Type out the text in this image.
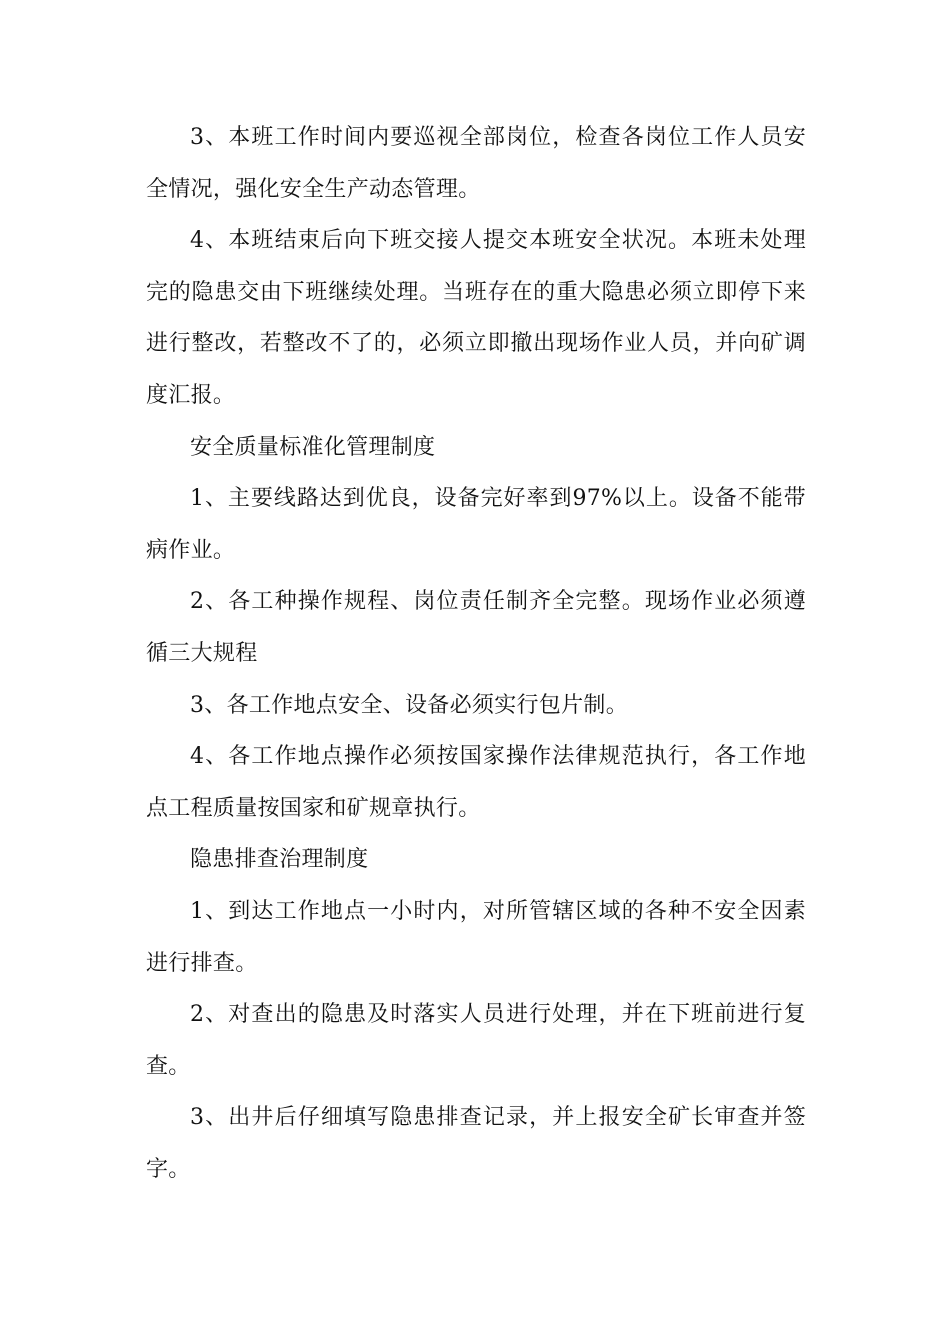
3、本班工作时间内要巡视全部岗位，检查各岗位工作人员安全情况，强化安全生产动态管理。

4、本班结束后向下班交接人提交本班安全状况。本班未处理完的隐患交由下班继续处理。当班存在的重大隐患必须立即停下来进行整改，若整改不了的，必须立即撤出现场作业人员，并向矿调度汇报。

安全质量标准化管理制度

1、主要线路达到优良，设备完好率到97%以上。设备不能带病作业。

2、各工种操作规程、岗位责任制齐全完整。现场作业必须遵循三大规程

3、各工作地点安全、设备必须实行包片制。

4、各工作地点操作必须按国家操作法律规范执行，各工作地点工程质量按国家和矿规章执行。

隐患排查治理制度

1、到达工作地点一小时内，对所管辖区域的各种不安全因素进行排查。

2、对查出的隐患及时落实人员进行处理，并在下班前进行复查。

3、出井后仔细填写隐患排查记录，并上报安全矿长审查并签字。
